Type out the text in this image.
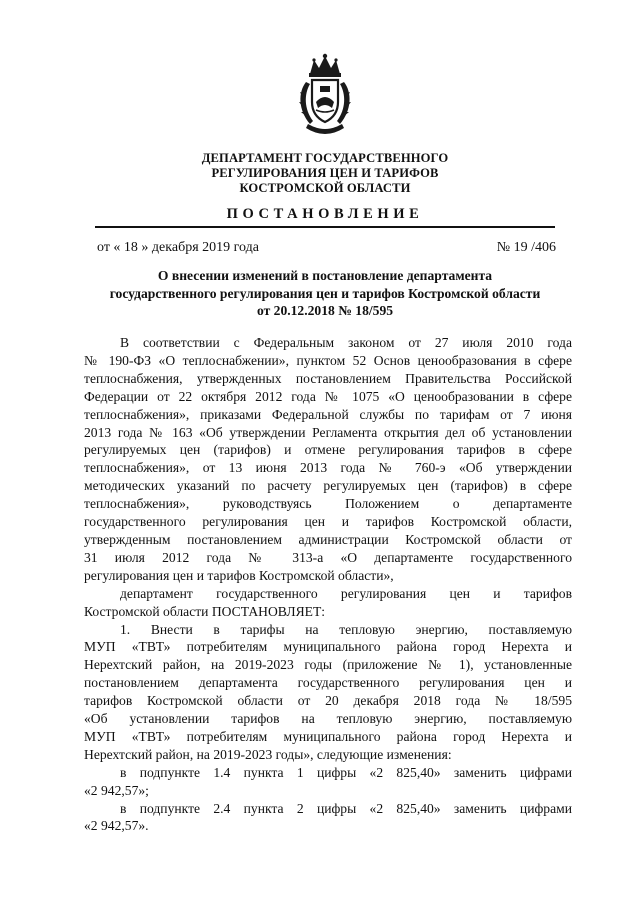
ДЕПАРТАМЕНТ ГОСУДАРСТВЕННОГО
РЕГУЛИРОВАНИЯ ЦЕН И ТАРИФОВ
КОСТРОМСКОЙ ОБЛАСТИ
ПОСТАНОВЛЕНИЕ
от « 18 » декабря 2019 года	№ 19 /406
О внесении изменений в постановление департамента
государственного регулирования цен и тарифов Костромской области
от 20.12.2018 № 18/595
В соответствии с Федеральным законом от 27 июля 2010 года
№ 190-ФЗ «О теплоснабжении», пунктом 52 Основ ценообразования в сфере
теплоснабжения, утвержденных постановлением Правительства Российской
Федерации от 22 октября 2012 года № 1075 «О ценообразовании в сфере
теплоснабжения», приказами Федеральной службы по тарифам от 7 июня
2013 года № 163 «Об утверждении Регламента открытия дел об установлении
регулируемых цен (тарифов) и отмене регулирования тарифов в сфере
теплоснабжения», от 13 июня 2013 года № 760-э «Об утверждении
методических указаний по расчету регулируемых цен (тарифов) в сфере
теплоснабжения», руководствуясь Положением о департаменте
государственного регулирования цен и тарифов Костромской области,
утвержденным постановлением администрации Костромской области от
31 июля 2012 года № 313-а «О департаменте государственного
регулирования цен и тарифов Костромской области»,
департамент государственного регулирования цен и тарифов
Костромской области ПОСТАНОВЛЯЕТ:
1. Внести в тарифы на тепловую энергию, поставляемую
МУП «ТВТ» потребителям муниципального района город Нерехта и
Нерехтский район, на 2019-2023 годы (приложение № 1), установленные
постановлением департамента государственного регулирования цен и
тарифов Костромской области от 20 декабря 2018 года № 18/595
«Об установлении тарифов на тепловую энергию, поставляемую
МУП «ТВТ» потребителям муниципального района город Нерехта и
Нерехтский район, на 2019-2023 годы», следующие изменения:
в подпункте 1.4 пункта 1 цифры «2 825,40» заменить цифрами
«2 942,57»;
в подпункте 2.4 пункта 2 цифры «2 825,40» заменить цифрами
«2 942,57».
